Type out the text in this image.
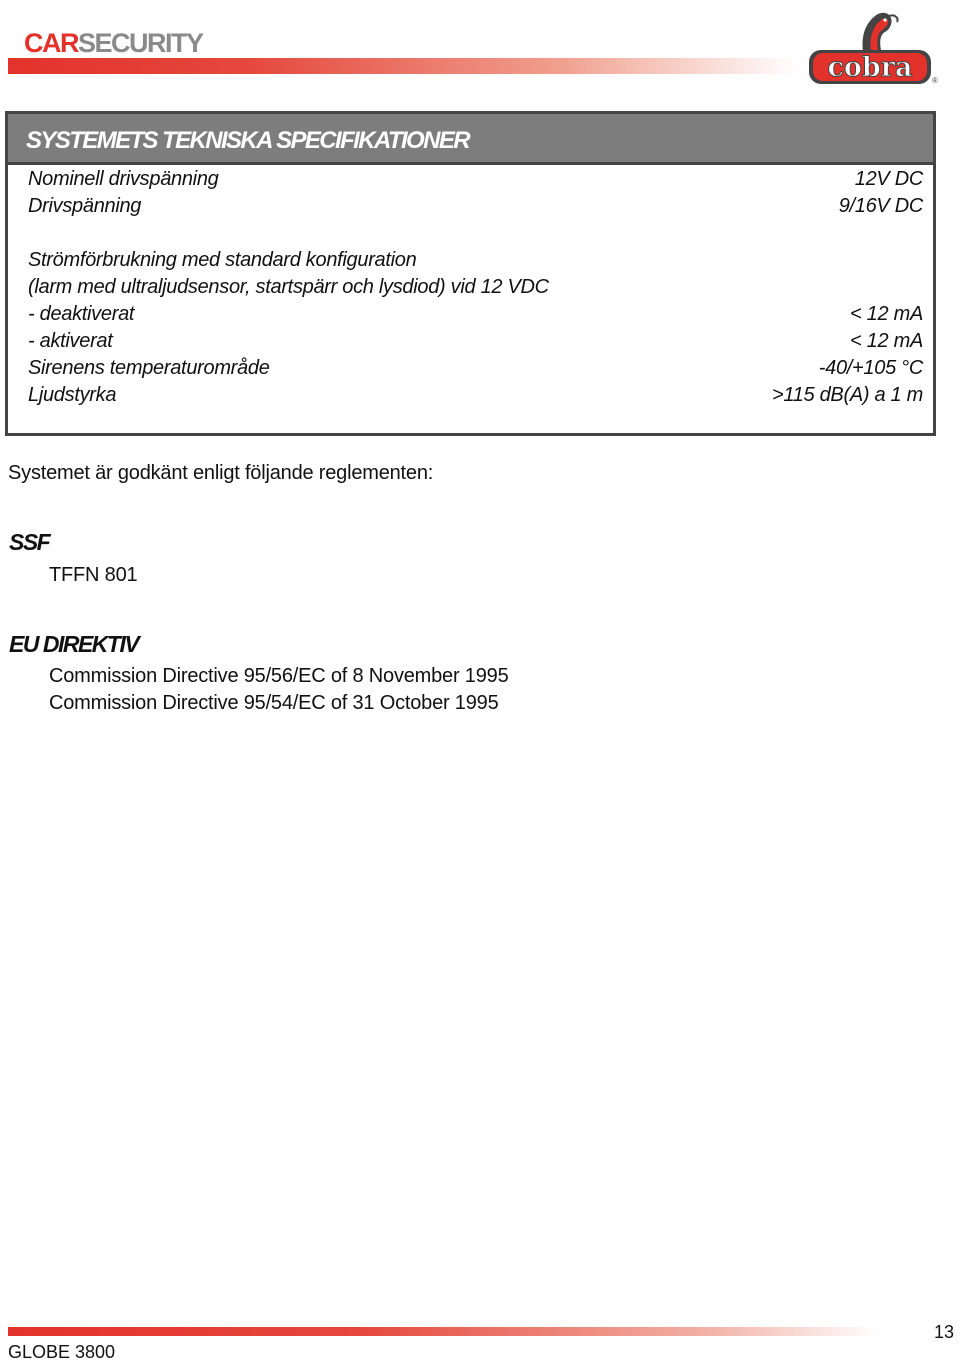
CARSECURITY
cobra ®
SYSTEMETS TEKNISKA SPECIFIKATIONER
Nominell drivspänning	12V DC
Drivspänning	9/16V DC
Strömförbrukning med standard konfiguration
(larm med ultraljudsensor, startspärr och lysdiod) vid 12 VDC
- deaktiverat	< 12 mA
- aktiverat	< 12 mA
Sirenens temperaturområde	-40/+105 °C
Ljudstyrka	>115 dB(A) a 1 m
Systemet är godkänt enligt följande reglementen:
SSF
TFFN 801
EU DIREKTIV
Commission Directive 95/56/EC of 8 November 1995
Commission Directive 95/54/EC of 31 October 1995
GLOBE 3800
13
